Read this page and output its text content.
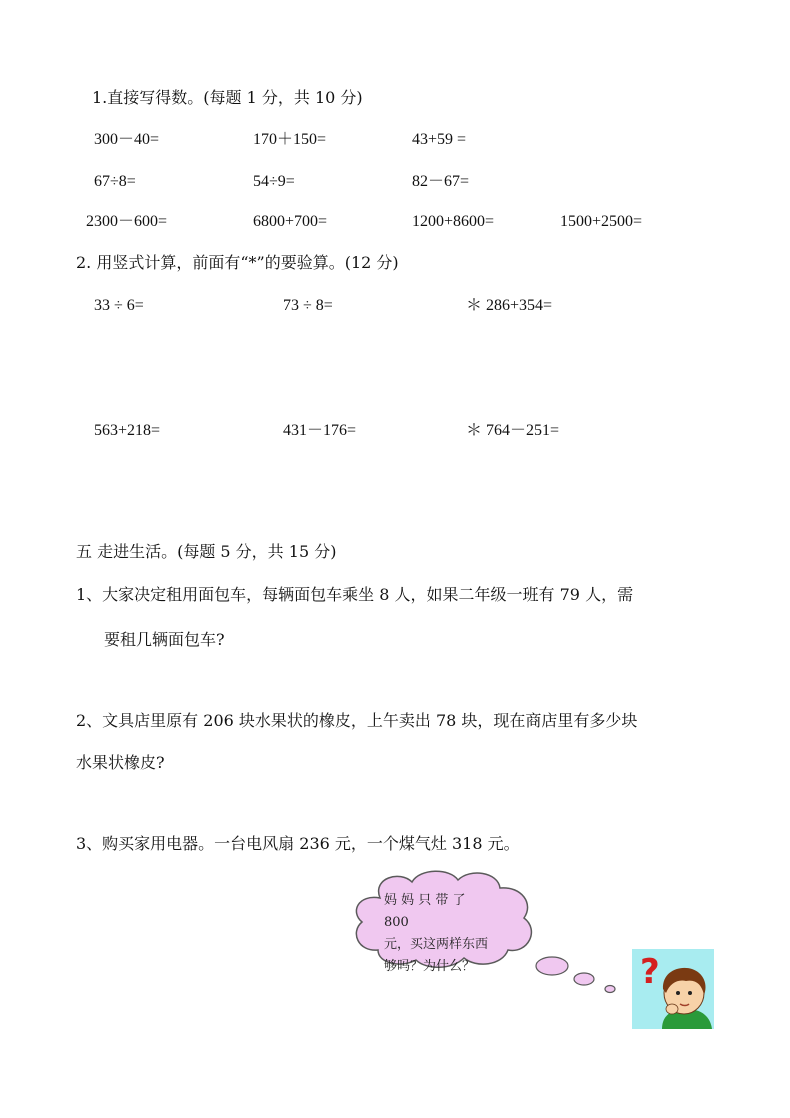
1.直接写得数。(每题 1 分，共 10 分)
300－40=	170＋150=	43+59 =
67÷8=	54÷9=	82－67=
2300－600=	6800+700=	1200+8600=	1500+2500=
2. 用竖式计算，前面有“*”的要验算。(12 分)
33 ÷ 6=	73 ÷ 8=	＊ 286+354=
563+218=	431－176=	＊ 764－251=
五 走进生活。(每题 5 分，共 15 分)
1、大家决定租用面包车，每辆面包车乘坐 8 人，如果二年级一班有 79 人，需
要租几辆面包车?
2、文具店里原有 206 块水果状的橡皮，上午卖出 78 块，现在商店里有多少块
水果状橡皮?
3、购买家用电器。一台电风扇 236 元，一个煤气灶 318 元。
妈 妈 只 带 了 800
元，买这两样东西
够吗？为什么？	?
